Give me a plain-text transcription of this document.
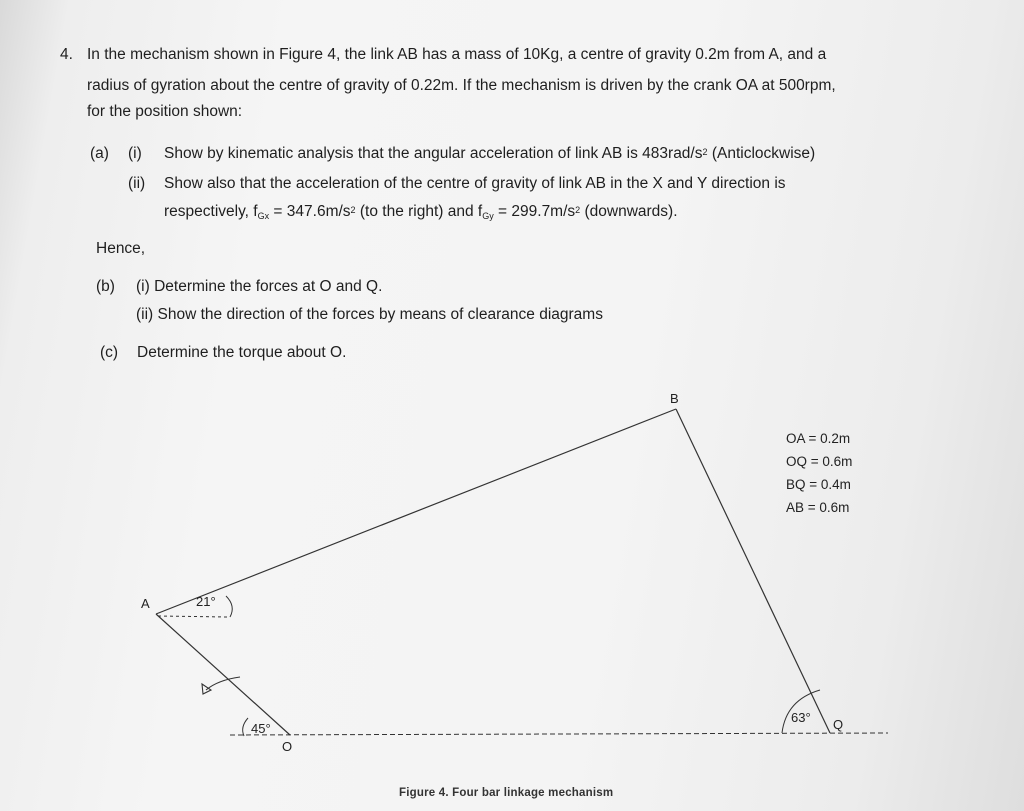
4. In the mechanism shown in Figure 4, the link AB has a mass of 10Kg, a centre of gravity 0.2m from A, and a
radius of gyration about the centre of gravity of 0.22m. If the mechanism is driven by the crank OA at 500rpm,
for the position shown:
(a) (i) Show by kinematic analysis that the angular acceleration of link AB is $483rad/s^2$ (Anticlockwise)
(ii) Show also that the acceleration of the centre of gravity of link AB in the X and Y direction is
respectively, $f_{Gx} = 347.6m/s^2$ (to the right) and $f_{Gy} = 299.7m/s^2$ (downwards).
Hence,
(b) (i) Determine the forces at O and Q.
(ii) Show the direction of the forces by means of clearance diagrams
(c) Determine the torque about O.
B
A
O
Q
21°
45°
63°
OA = 0.2m
OQ = 0.6m
BQ = 0.4m
AB = 0.6m
Figure 4. Four bar linkage mechanism
